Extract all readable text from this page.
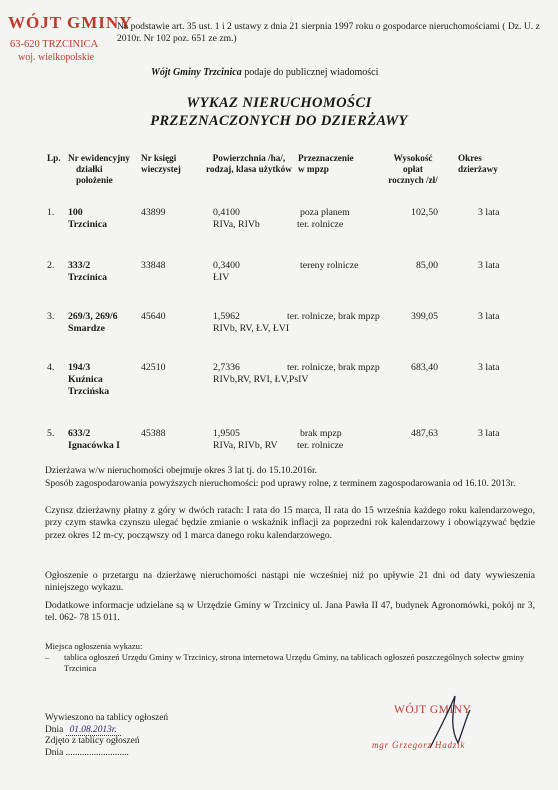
WÓJT GMINY
63-620 TRZCINICA
woj. wielkopolskie
Na podstawie art. 35 ust. 1 i 2 ustawy z dnia 21 sierpnia 1997 roku o gospodarce nieruchomościami ( Dz. U. z 2010r. Nr 102 poz. 651 ze zm.)
Wójt Gminy Trzcinica podaje do publicznej wiadomości
WYKAZ NIERUCHOMOŚCI
PRZEZNACZONYCH DO DZIERŻAWY
Lp. Nr ewidencyjny
działki
położenie
Nr księgi
wieczystej
Powierzchnia /ha/,
rodzaj, klasa użytków
Przeznaczenie
w mpzp
Wysokość
opłat
rocznych /zł/
Okres
dzierżawy
1. 100
Trzcinica
43899	0,4100
RIVa, RIVb
poza planem
ter. rolnicze
102,50	3 lata
2. 333/2
Trzcinica
33848	0,3400
ŁIV
tereny rolnicze	85,00	3 lata
3. 269/3, 269/6
Smardze
45640	1,5962
RIVb, RV, ŁV, ŁVI
ter. rolnicze, brak mpzp	399,05	3 lata
4. 194/3
Kuźnica
Trzcińska
42510	2,7336
RIVb,RV, RVI, ŁV,PsIV
ter. rolnicze, brak mpzp	683,40	3 lata
5. 633/2
Ignacówka I
45388	1,9505
RIVa, RIVb, RV
brak mpzp
ter. rolnicze
487,63	3 lata
Dzierżawa w/w nieruchomości obejmuje okres 3 lat tj. do 15.10.2016r.
Sposób zagospodarowania powyższych nieruchomości: pod uprawy rolne, z terminem zagospodarowania od 16.10. 2013r.
Czynsz dzierżawny płatny z góry w dwóch ratach: I rata do 15 marca, II rata do 15 września każdego roku kalendarzowego, przy czym stawka czynszu ulegać będzie zmianie o wskaźnik inflacji za poprzedni rok kalendarzowy i obowiązywać będzie przez okres 12 m-cy, począwszy od 1 marca danego roku kalendarzowego.
Ogłoszenie o przetargu na dzierżawę nieruchomości nastąpi nie wcześniej niż po upływie 21 dni od daty wywieszenia niniejszego wykazu.
Dodatkowe informacje udzielane są w Urzędzie Gminy w Trzcinicy ul. Jana Pawła II 47, budynek Agronomówki, pokój nr 3, tel. 062- 78 15 011.
Miejsca ogłoszenia wykazu:
– tablica ogłoszeń Urzędu Gminy w Trzcinicy, strona internetowa Urzędu Gminy, na tablicach ogłoszeń poszczególnych sołectw gminy Trzcinica
Wywieszono na tablicy ogłoszeń
Dnia 01.08.2013r.
Zdjęto z tablicy ogłoszeń
Dnia ...........................
WÓJT GMINY
mgr Grzegorz Hadzik
